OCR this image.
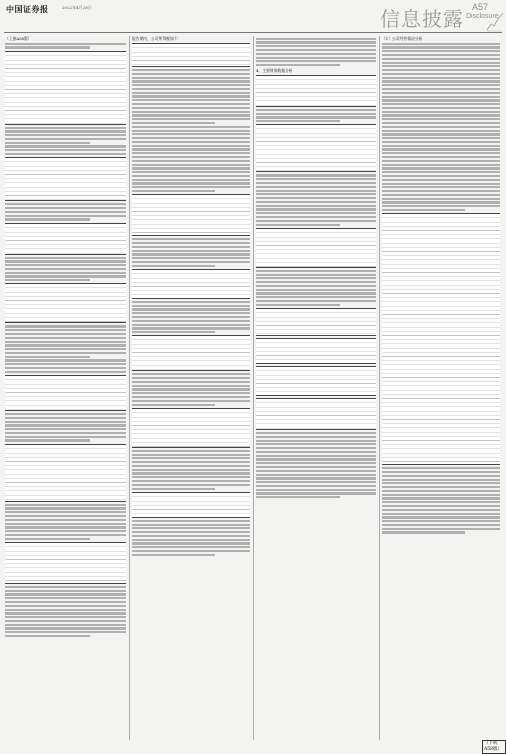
中国证券报	2022年4月28日	信息披露 A57
Disclosure

（上接A56版）	报告期内，公司所得税如下：

4、主要财务数据分析

（1）公司经营情况分析

（下转A58版）
